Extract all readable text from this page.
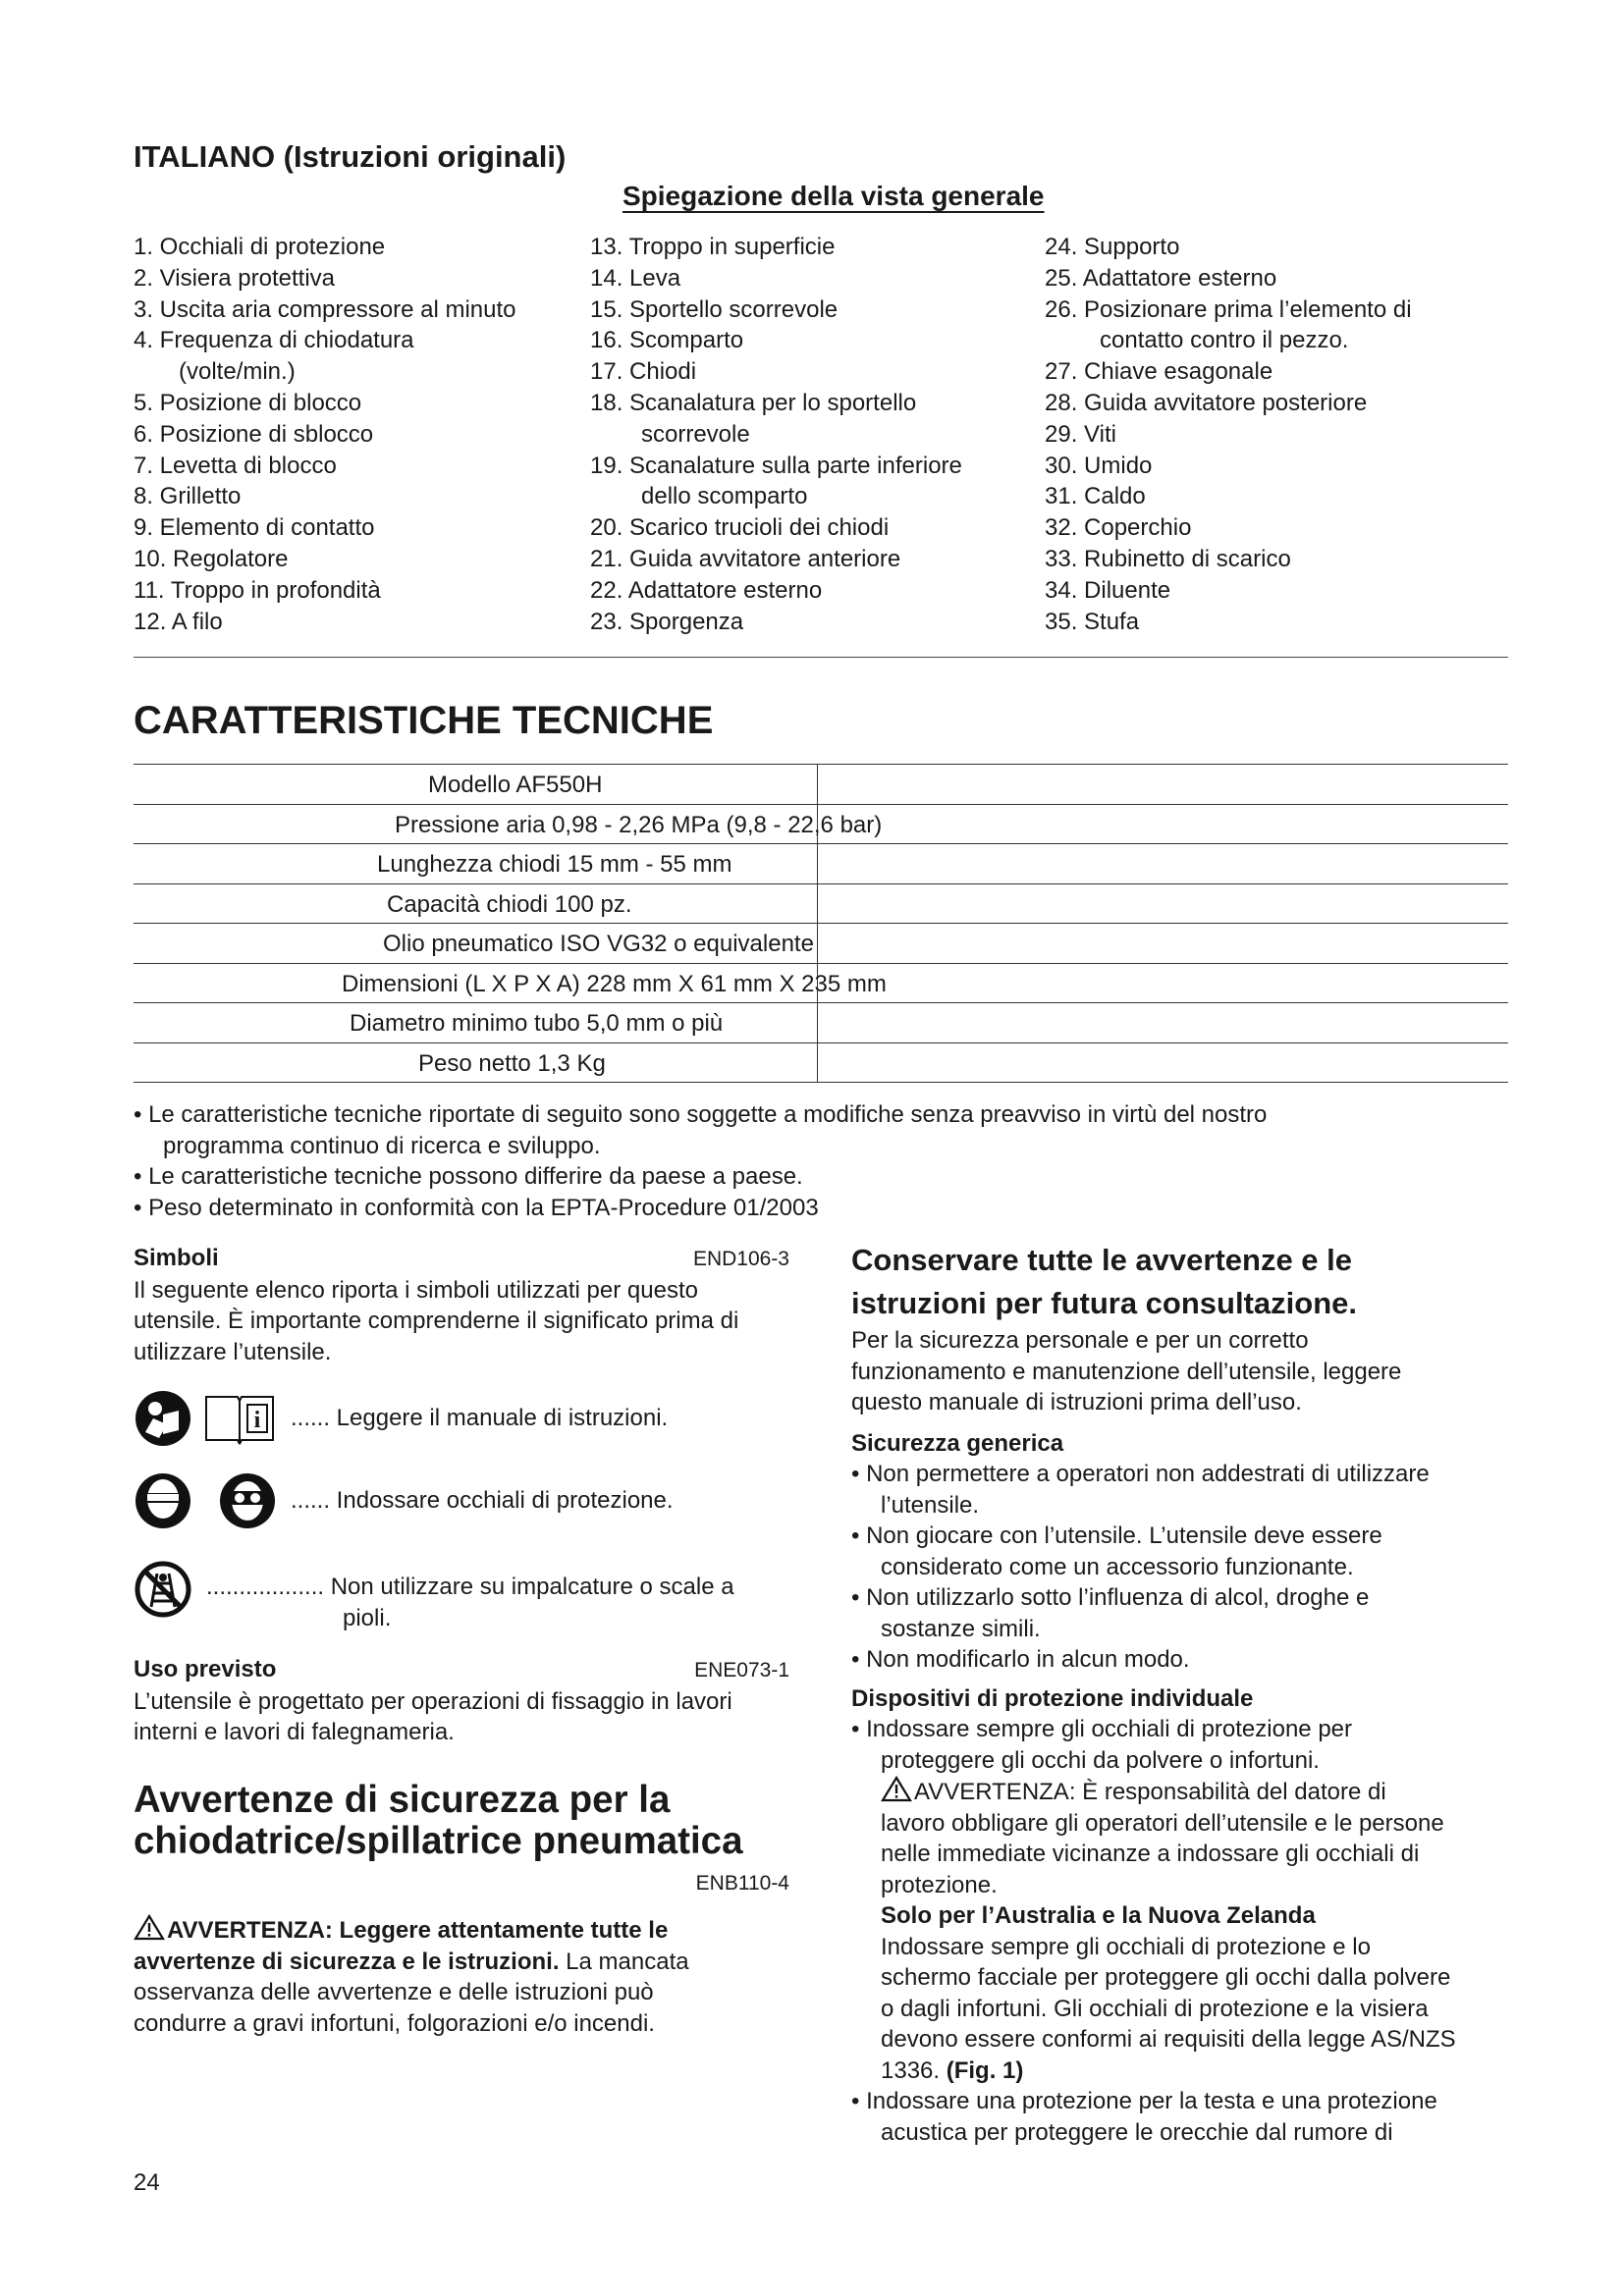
ITALIANO (Istruzioni originali)
Spiegazione della vista generale
1. Occhiali di protezione
2. Visiera protettiva
3. Uscita aria compressore al minuto
4. Frequenza di chiodatura
(volte/min.)
5. Posizione di blocco
6. Posizione di sblocco
7. Levetta di blocco
8. Grilletto
9. Elemento di contatto
10. Regolatore
11. Troppo in profondità
12. A filo
13. Troppo in superficie
14. Leva
15. Sportello scorrevole
16. Scomparto
17. Chiodi
18. Scanalatura per lo sportello
scorrevole
19. Scanalature sulla parte inferiore
dello scomparto
20. Scarico trucioli dei chiodi
21. Guida avvitatore anteriore
22. Adattatore esterno
23. Sporgenza
24. Supporto
25. Adattatore esterno
26. Posizionare prima l’elemento di
contatto contro il pezzo.
27. Chiave esagonale
28. Guida avvitatore posteriore
29. Viti
30. Umido
31. Caldo
32. Coperchio
33. Rubinetto di scarico
34. Diluente
35. Stufa
CARATTERISTICHE TECNICHE
Modello AF550H
Pressione aria 0,98 - 2,26 MPa (9,8 - 22,6 bar)
Lunghezza chiodi 15 mm - 55 mm
Capacità chiodi 100 pz.
Olio pneumatico ISO VG32 o equivalente
Dimensioni (L X P X A) 228 mm X 61 mm X 235 mm
Diametro minimo tubo 5,0 mm o più
Peso netto 1,3 Kg
• Le caratteristiche tecniche riportate di seguito sono soggette a modifiche senza preavviso in virtù del nostro
programma continuo di ricerca e sviluppo.
• Le caratteristiche tecniche possono differire da paese a paese.
• Peso determinato in conformità con la EPTA-Procedure 01/2003
Simboli	END106-3
Il seguente elenco riporta i simboli utilizzati per questo
utensile. È importante comprenderne il significato prima di
utilizzare l’utensile.
i ...... Leggere il manuale di istruzioni.
...... Indossare occhiali di protezione.
.................. Non utilizzare su impalcature o scale a
pioli.
Uso previsto	ENE073-1
L’utensile è progettato per operazioni di fissaggio in lavori
interni e lavori di falegnameria.
Avvertenze di sicurezza per la
chiodatrice/spillatrice pneumatica
ENB110-4
AVVERTENZA: Leggere attentamente tutte le
avvertenze di sicurezza e le istruzioni. La mancata
osservanza delle avvertenze e delle istruzioni può
condurre a gravi infortuni, folgorazioni e/o incendi.
Conservare tutte le avvertenze e le
istruzioni per futura consultazione.
Per la sicurezza personale e per un corretto
funzionamento e manutenzione dell’utensile, leggere
questo manuale di istruzioni prima dell’uso.
Sicurezza generica
• Non permettere a operatori non addestrati di utilizzare
l’utensile.
• Non giocare con l’utensile. L’utensile deve essere
considerato come un accessorio funzionante.
• Non utilizzarlo sotto l’influenza di alcol, droghe e
sostanze simili.
• Non modificarlo in alcun modo.
Dispositivi di protezione individuale
• Indossare sempre gli occhiali di protezione per
proteggere gli occhi da polvere o infortuni.
AVVERTENZA: È responsabilità del datore di
lavoro obbligare gli operatori dell’utensile e le persone
nelle immediate vicinanze a indossare gli occhiali di
protezione.
Solo per l’Australia e la Nuova Zelanda
Indossare sempre gli occhiali di protezione e lo
schermo facciale per proteggere gli occhi dalla polvere
o dagli infortuni. Gli occhiali di protezione e la visiera
devono essere conformi ai requisiti della legge AS/NZS
1336. (Fig. 1)
• Indossare una protezione per la testa e una protezione
acustica per proteggere le orecchie dal rumore di
24
